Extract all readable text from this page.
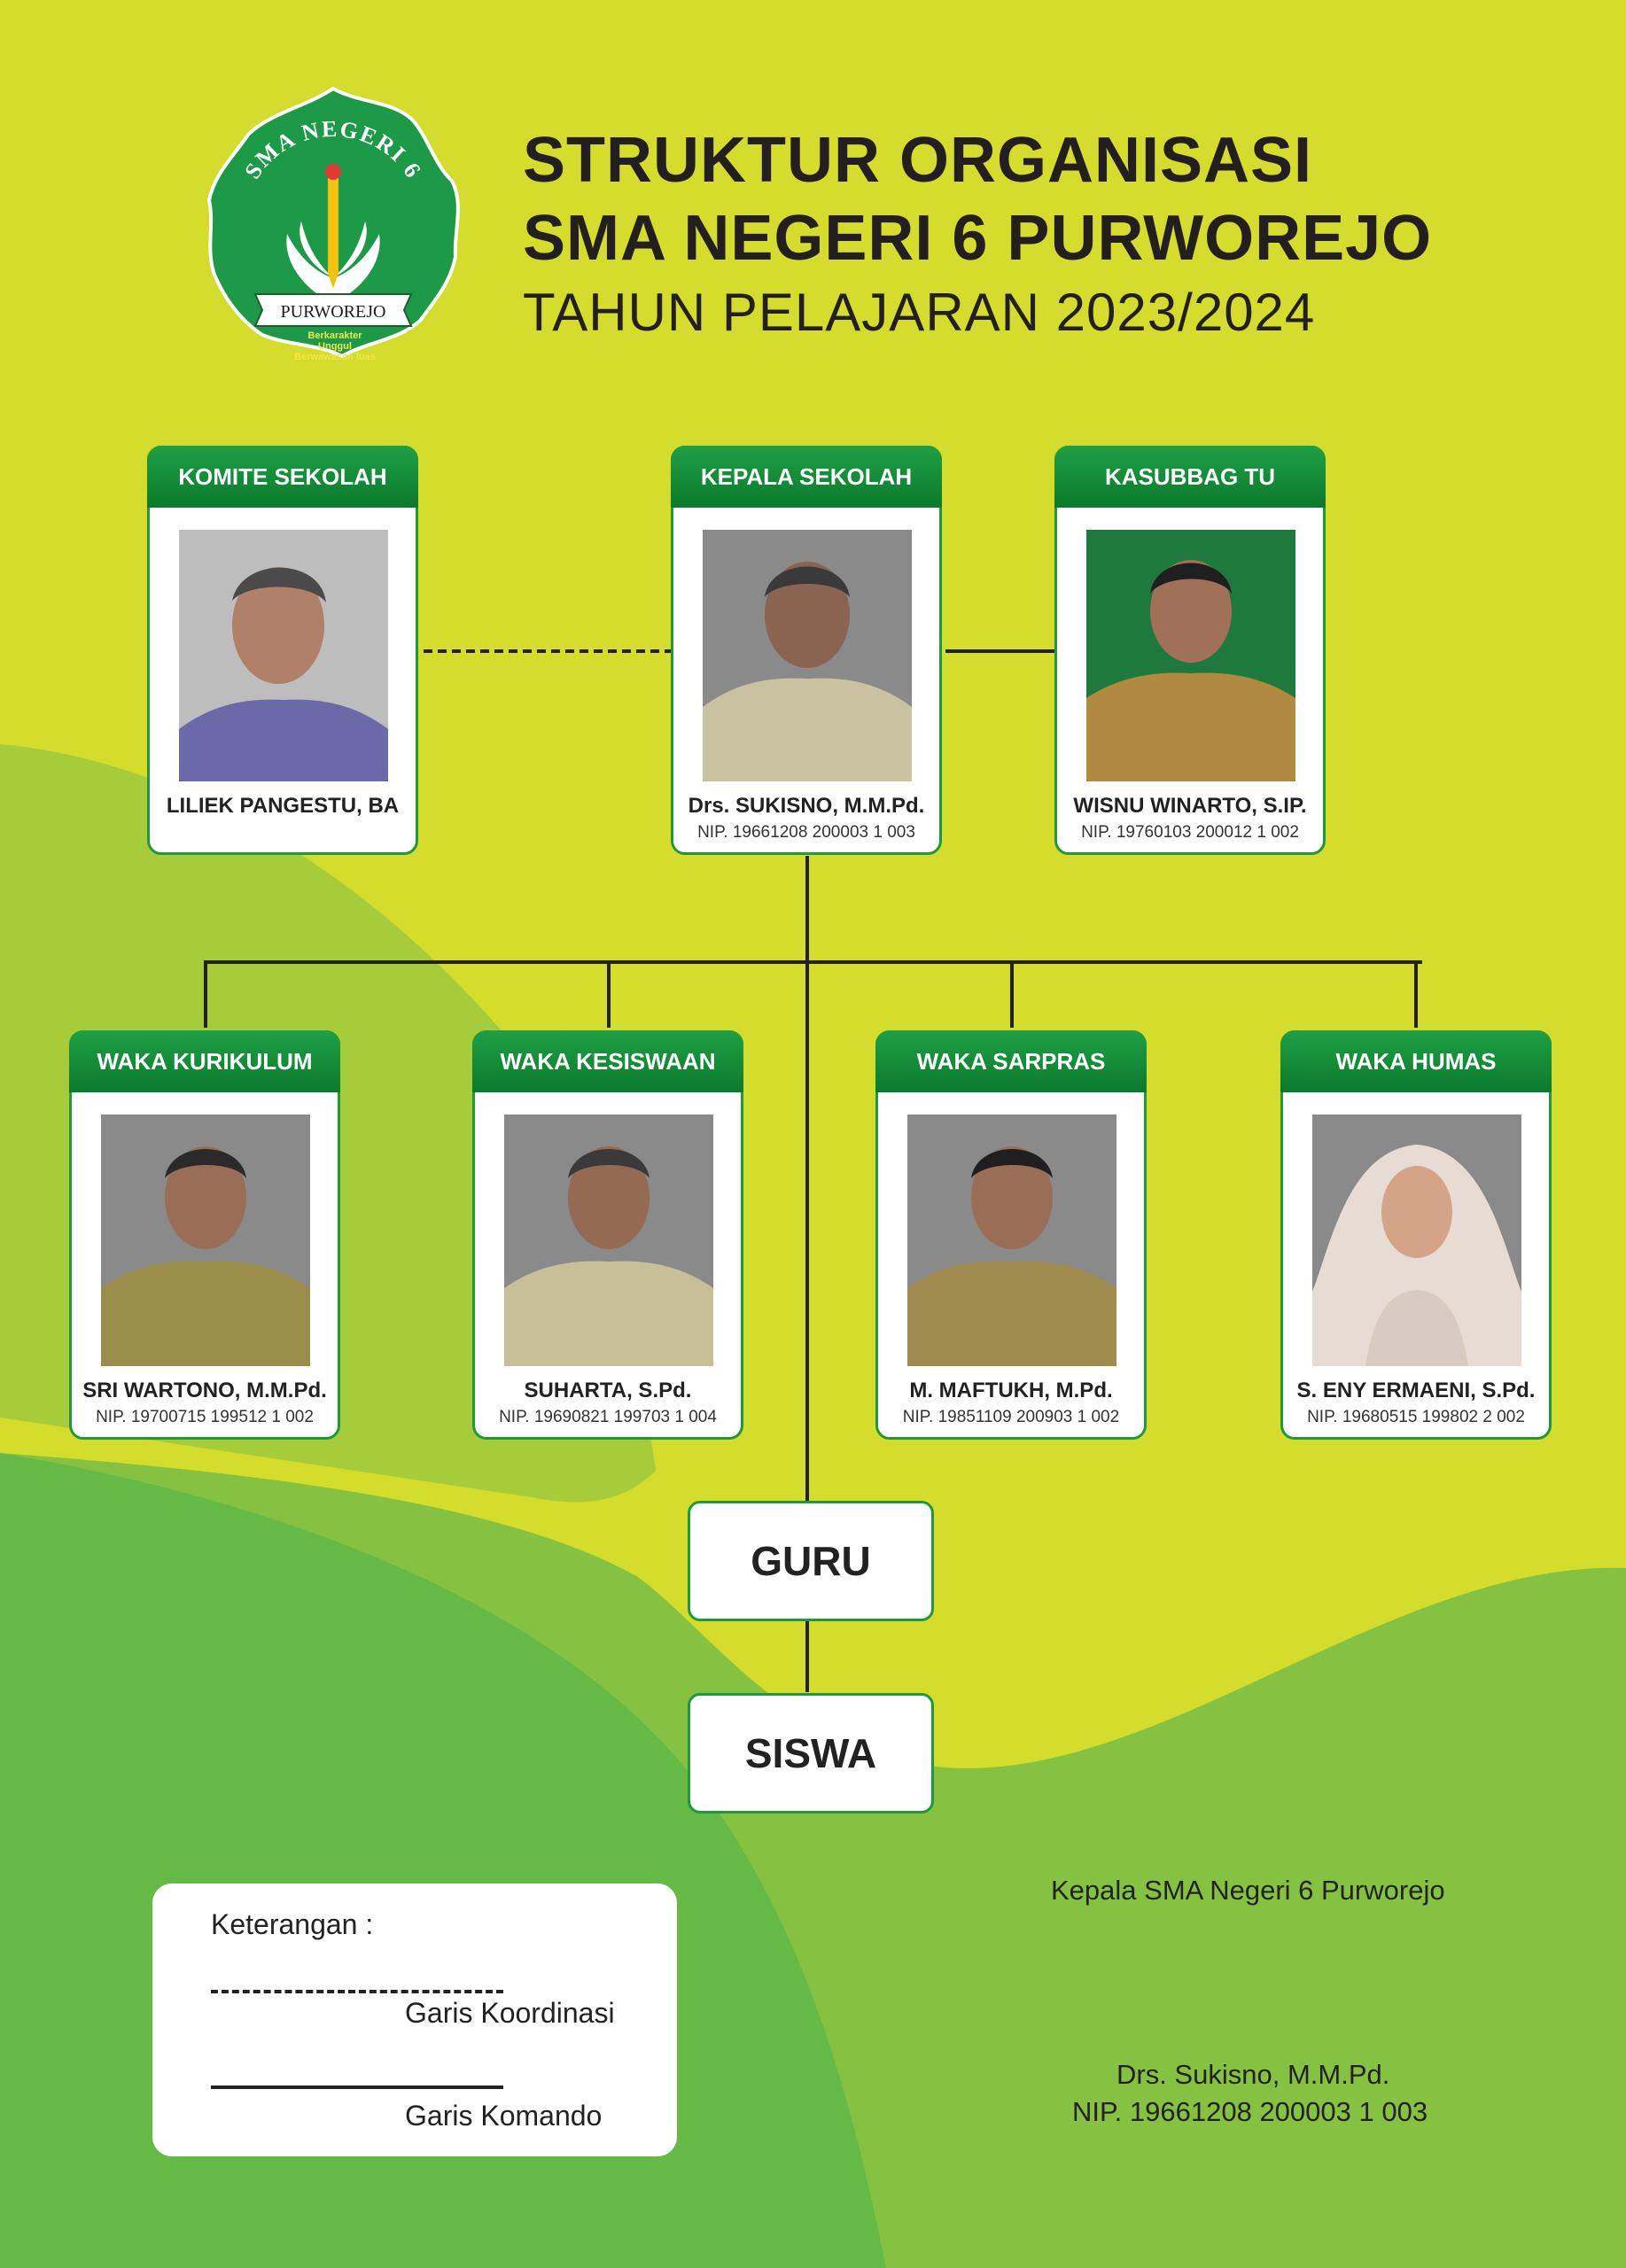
SMA NEGERI 6
PURWOREJO
Berkarakter
Unggul
Berwawasan luas
STRUKTUR ORGANISASI
SMA NEGERI 6 PURWOREJO
TAHUN PELAJARAN 2023/2024
KOMITE SEKOLAH
LILIEK PANGESTU, BA
KEPALA SEKOLAH
Drs. SUKISNO, M.M.Pd.
NIP. 19661208 200003 1 003
KASUBBAG TU
WISNU WINARTO, S.IP.
NIP. 19760103 200012 1 002
WAKA KURIKULUM
SRI WARTONO, M.M.Pd.
NIP. 19700715 199512 1 002
WAKA KESISWAAN
SUHARTA, S.Pd.
NIP. 19690821 199703 1 004
WAKA SARPRAS
M. MAFTUKH, M.Pd.
NIP. 19851109 200903 1 002
WAKA HUMAS
S. ENY ERMAENI, S.Pd.
NIP. 19680515 199802 2 002
GURU
SISWA
Keterangan :
Garis Koordinasi
Garis Komando
Kepala SMA Negeri 6 Purworejo
Drs. Sukisno, M.M.Pd.
NIP. 19661208 200003 1 003
